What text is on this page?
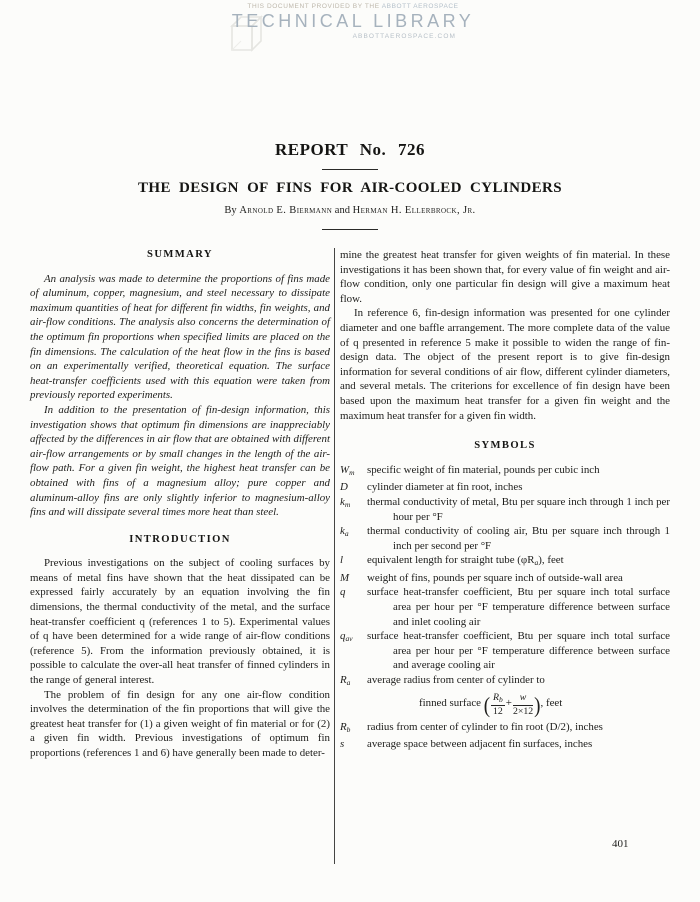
THIS DOCUMENT PROVIDED BY THE ABBOTT AEROSPACE
TECHNICAL LIBRARY
ABBOTTAEROSPACE.COM
REPORT No. 726
THE DESIGN OF FINS FOR AIR-COOLED CYLINDERS
By Arnold E. Biermann and Herman H. Ellerbrock, Jr.
SUMMARY

An analysis was made to determine the proportions of fins made of aluminum, copper, magnesium, and steel necessary to dissipate maximum quantities of heat for different fin widths, fin weights, and air-flow conditions. The analysis also concerns the determination of the optimum fin proportions when specified limits are placed on the fin dimensions. The calculation of the heat flow in the fins is based on an experimentally verified, theoretical equation. The surface heat-transfer coefficients used with this equation were taken from previously reported experiments.

In addition to the presentation of fin-design information, this investigation shows that optimum fin dimensions are inappreciably affected by the differences in air flow that are obtained with different air-flow arrangements or by small changes in the length of the air-flow path. For a given fin weight, the highest heat transfer can be obtained with fins of a magnesium alloy; pure copper and aluminum-alloy fins are only slightly inferior to magnesium-alloy fins and will dissipate several times more heat than steel.

INTRODUCTION

Previous investigations on the subject of cooling surfaces by means of metal fins have shown that the heat dissipated can be expressed fairly accurately by an equation involving the fin dimensions, the thermal conductivity of the metal, and the surface heat-transfer coefficient q (references 1 to 5). Experimental values of q have been determined for a wide range of air-flow conditions (reference 5). From the information previously obtained, it is possible to calculate the over-all heat transfer of finned cylinders in the range of general interest.

The problem of fin design for any one air-flow condition involves the determination of the fin proportions that will give the greatest heat transfer for (1) a given weight of fin material or for (2) a given fin width. Previous investigations of optimum fin proportions (references 1 and 6) have generally been made to deter-

mine the greatest heat transfer for given weights of fin material. In these investigations it has been shown that, for every value of fin weight and air-flow condition, only one particular fin design will give a maximum heat flow.

In reference 6, fin-design information was presented for one cylinder diameter and one baffle arrangement. The more complete data of the value of q presented in reference 5 make it possible to widen the range of fin-design data. The object of the present report is to give fin-design information for several conditions of air flow, different cylinder diameters, and several metals. The criterions for excellence of fin design have been based upon the maximum heat transfer for a given fin weight and the maximum heat transfer for a given fin width.

SYMBOLS
$W_m$	specific weight of fin material, pounds per cubic inch
D	cylinder diameter at fin root, inches
$k_m$	thermal conductivity of metal, Btu per square inch through 1 inch per hour per °F
$k_a$	thermal conductivity of cooling air, Btu per square inch through 1 inch per second per °F
l	equivalent length for straight tube $(\varphi R_a)$, feet
M	weight of fins, pounds per square inch of outside-wall area
q	surface heat-transfer coefficient, Btu per square inch total surface area per hour per °F temperature difference between surface and inlet cooling air
$q_{av}$	surface heat-transfer coefficient, Btu per square inch total surface area per hour per °F temperature difference between surface and average cooling air
$R_a$	average radius from center of cylinder to
finned surface ( $\frac{R_b}{12} + \frac{w}{2\times 12}$ ), feet
$R_b$	radius from center of cylinder to fin root (D/2), inches
s	average space between adjacent fin surfaces, inches
401
